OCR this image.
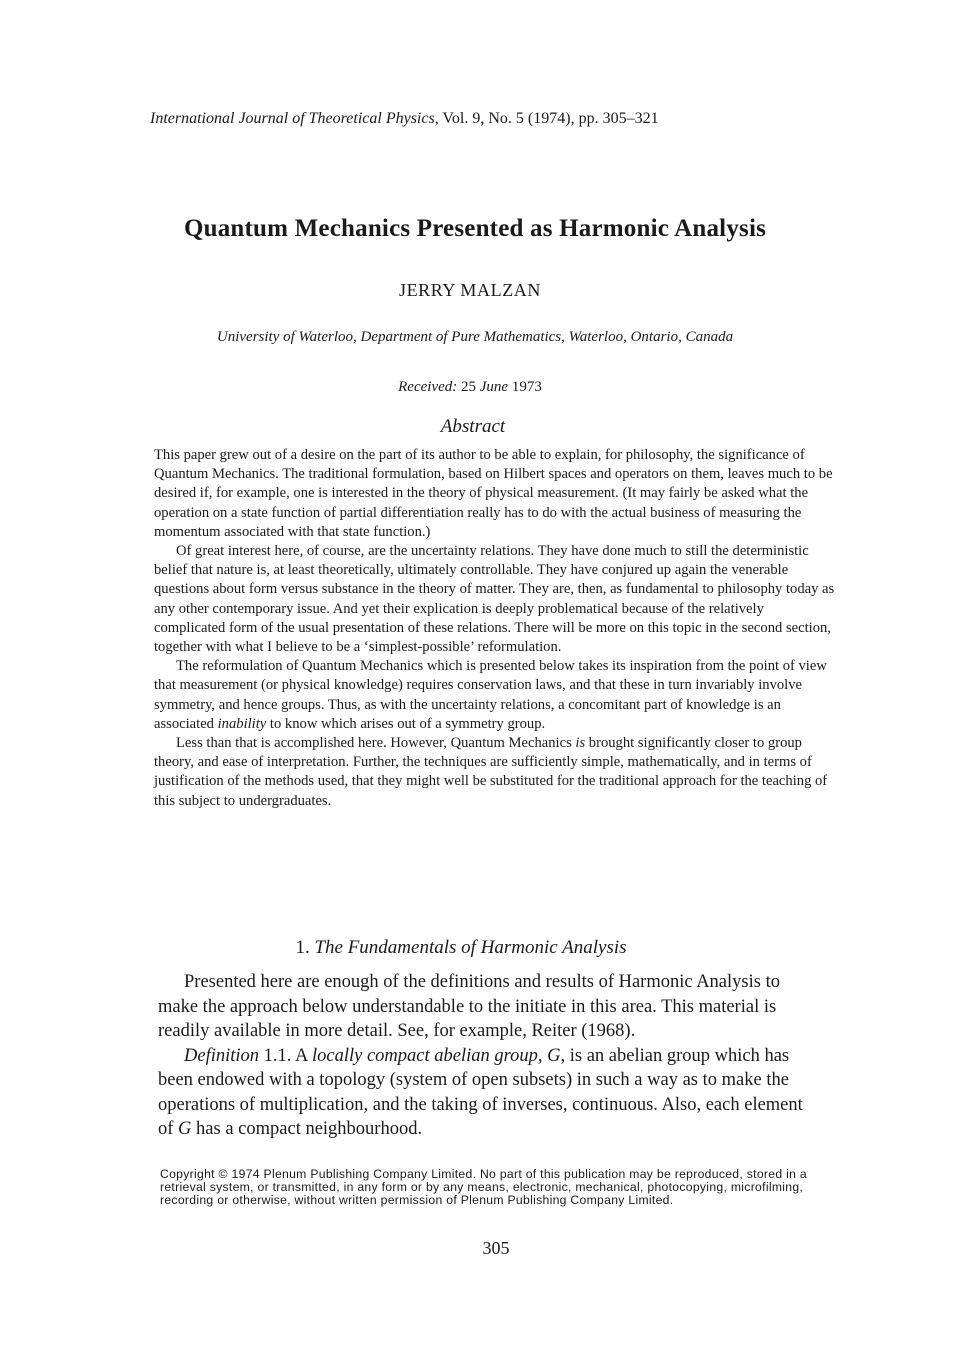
International Journal of Theoretical Physics, Vol. 9, No. 5 (1974), pp. 305–321
Quantum Mechanics Presented as Harmonic Analysis
JERRY MALZAN
University of Waterloo, Department of Pure Mathematics, Waterloo, Ontario, Canada
Received: 25 June 1973
Abstract

This paper grew out of a desire on the part of its author to be able to explain, for philosophy, the significance of Quantum Mechanics. The traditional formulation, based on Hilbert spaces and operators on them, leaves much to be desired if, for example, one is interested in the theory of physical measurement. (It may fairly be asked what the operation on a state function of partial differentiation really has to do with the actual business of measuring the momentum associated with that state function.)

Of great interest here, of course, are the uncertainty relations. They have done much to still the deterministic belief that nature is, at least theoretically, ultimately controllable. They have conjured up again the venerable questions about form versus substance in the theory of matter. They are, then, as fundamental to philosophy today as any other contemporary issue. And yet their explication is deeply problematical because of the relatively complicated form of the usual presentation of these relations. There will be more on this topic in the second section, together with what I believe to be a ‘simplest-possible’ reformulation.

The reformulation of Quantum Mechanics which is presented below takes its inspiration from the point of view that measurement (or physical knowledge) requires conservation laws, and that these in turn invariably involve symmetry, and hence groups. Thus, as with the uncertainty relations, a concomitant part of knowledge is an associated inability to know which arises out of a symmetry group.

Less than that is accomplished here. However, Quantum Mechanics is brought significantly closer to group theory, and ease of interpretation. Further, the techniques are sufficiently simple, mathematically, and in terms of justification of the methods used, that they might well be substituted for the traditional approach for the teaching of this subject to undergraduates.

1. The Fundamentals of Harmonic Analysis

Presented here are enough of the definitions and results of Harmonic Analysis to make the approach below understandable to the initiate in this area. This material is readily available in more detail. See, for example, Reiter (1968).

Definition 1.1. A locally compact abelian group, G, is an abelian group which has been endowed with a topology (system of open subsets) in such a way as to make the operations of multiplication, and the taking of inverses, continuous. Also, each element of G has a compact neighbourhood.

Copyright © 1974 Plenum Publishing Company Limited. No part of this publication may be reproduced, stored in a retrieval system, or transmitted, in any form or by any means, electronic, mechanical, photocopying, microfilming, recording or otherwise, without written permission of Plenum Publishing Company Limited.
305
